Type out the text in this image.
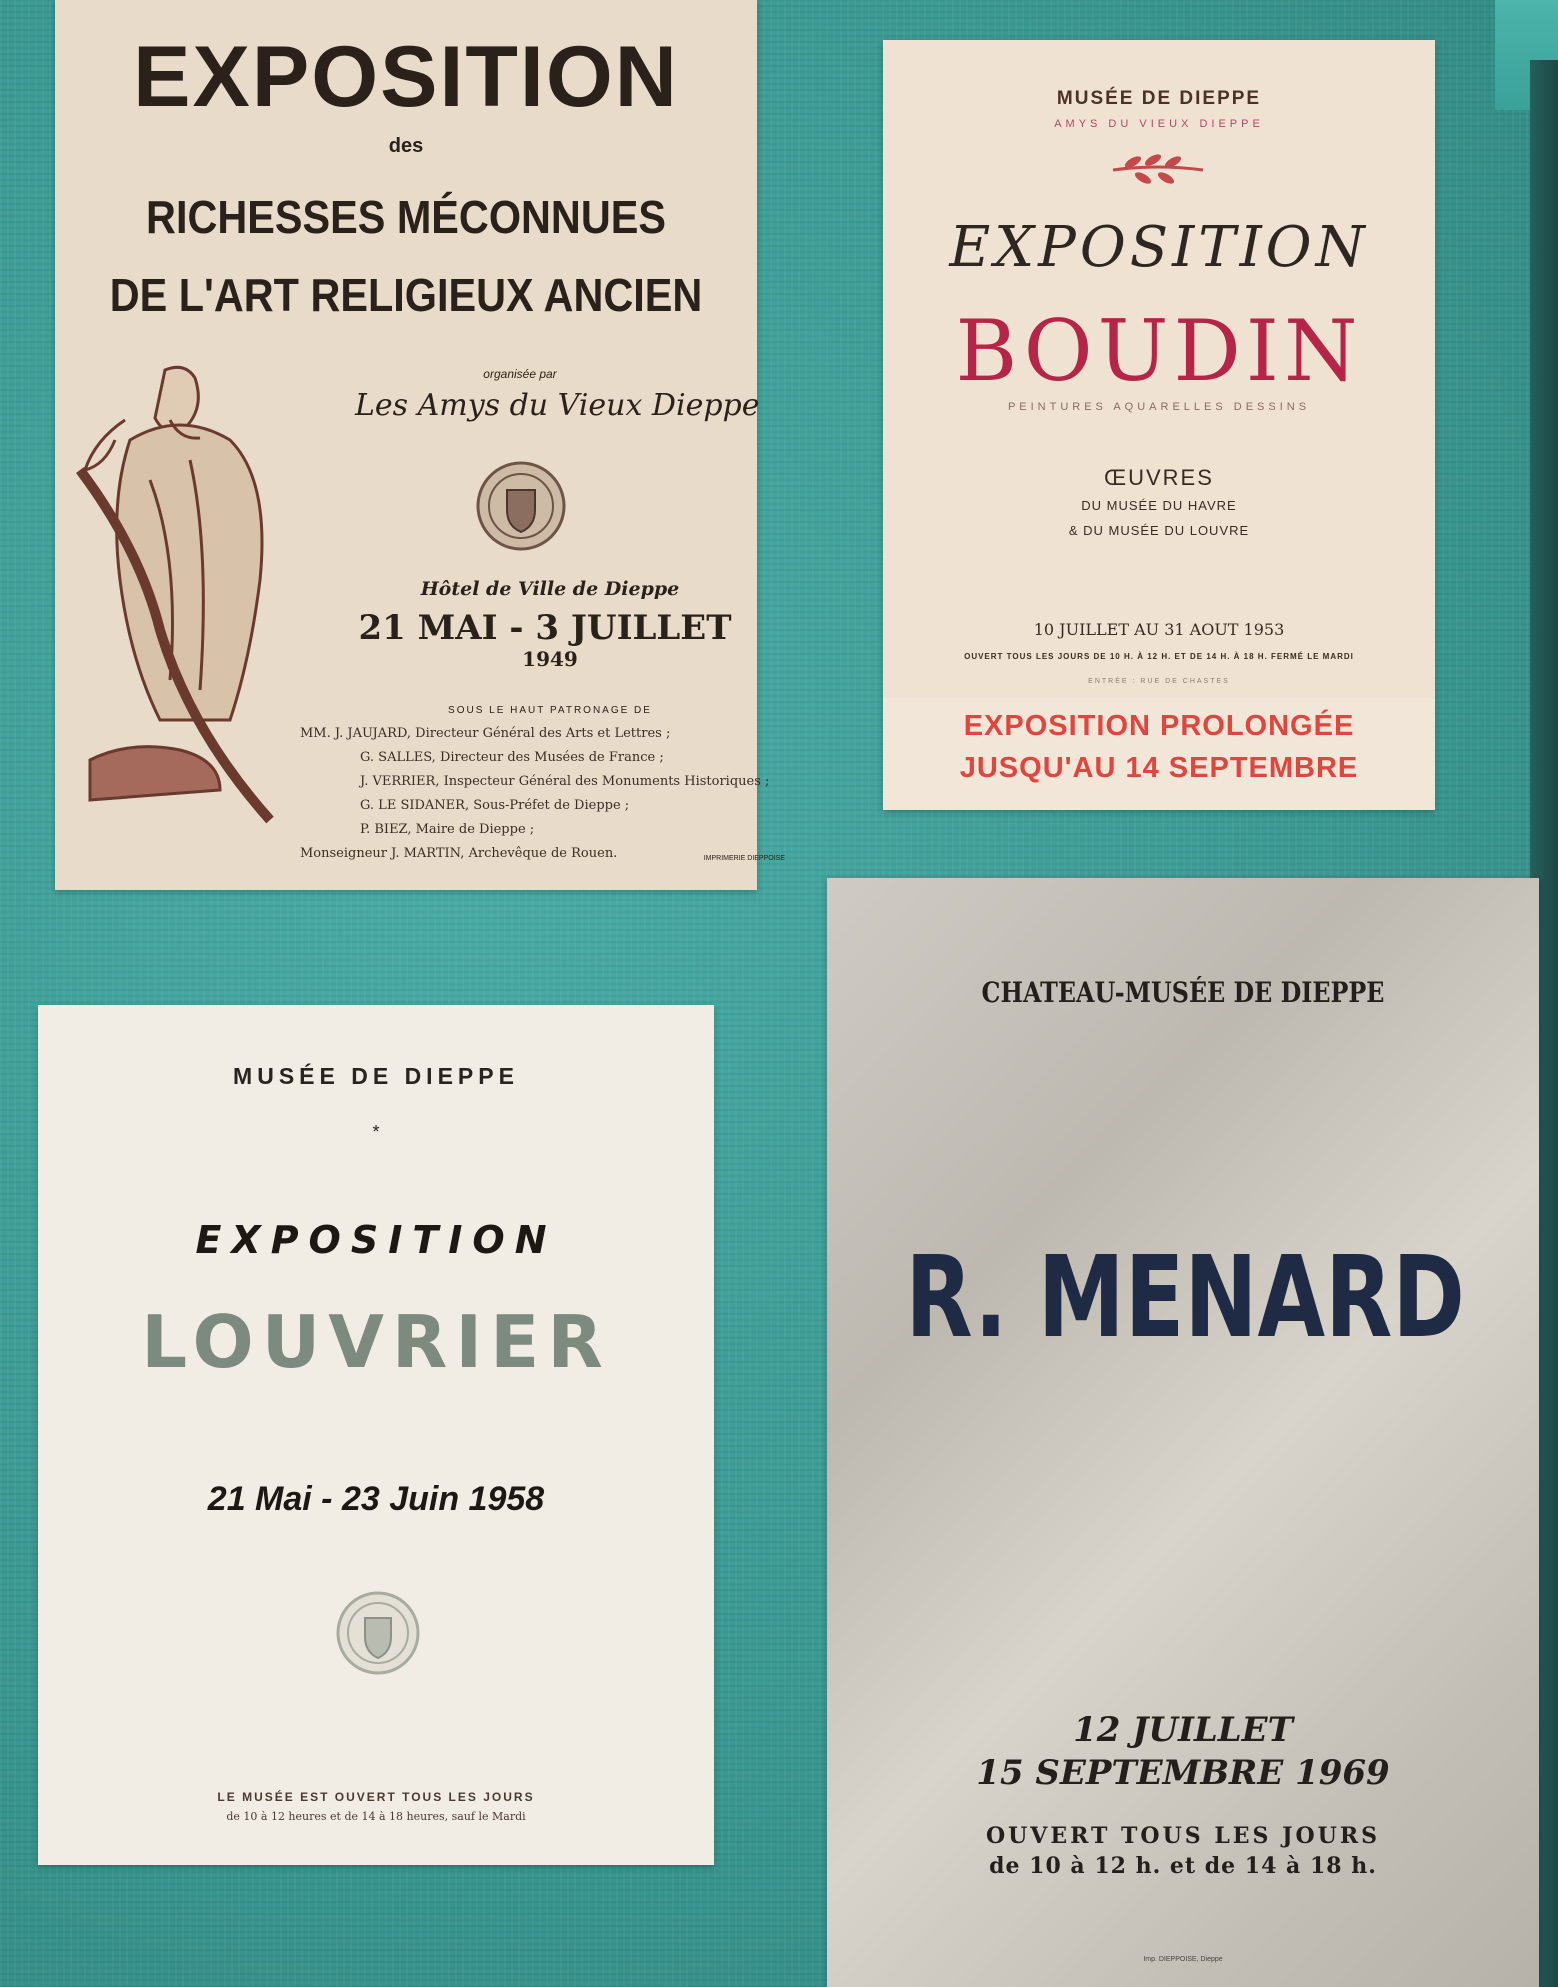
EXPOSITION
des
RICHESSES MÉCONNUES
DE L'ART RELIGIEUX ANCIEN
organisée par
Les Amys du Vieux Dieppe
Hôtel de Ville de Dieppe
21 MAI - 3 JUILLET
1949
SOUS LE HAUT PATRONAGE DE
MM. J. JAUJARD, Directeur Général des Arts et Lettres ;
G. SALLES, Directeur des Musées de France ;
J. VERRIER, Inspecteur Général des Monuments Historiques ;
G. LE SIDANER, Sous-Préfet de Dieppe ;
P. BIEZ, Maire de Dieppe ;
Monseigneur J. MARTIN, Archevêque de Rouen.	IMPRIMERIE DIEPPOISE
MUSÉE DE DIEPPE
AMYS DU VIEUX DIEPPE
EXPOSITION
BOUDIN
PEINTURES AQUARELLES DESSINS
ŒUVRES
DU MUSÉE DU HAVRE
& DU MUSÉE DU LOUVRE
10 JUILLET AU 31 AOUT 1953
OUVERT TOUS LES JOURS DE 10 H. À 12 H. ET DE 14 H. À 18 H. FERMÉ LE MARDI
ENTRÉE : RUE DE CHASTES
EXPOSITION PROLONGÉE
JUSQU'AU 14 SEPTEMBRE
MUSÉE DE DIEPPE
*
EXPOSITION
LOUVRIER
21 Mai - 23 Juin 1958
LE MUSÉE EST OUVERT TOUS LES JOURS
de 10 à 12 heures et de 14 à 18 heures, sauf le Mardi
CHATEAU-MUSÉE DE DIEPPE
R. MENARD
12 JUILLET
15 SEPTEMBRE 1969
OUVERT TOUS LES JOURS
de 10 à 12 h. et de 14 à 18 h.
Imp. DIEPPOISE, Dieppe
